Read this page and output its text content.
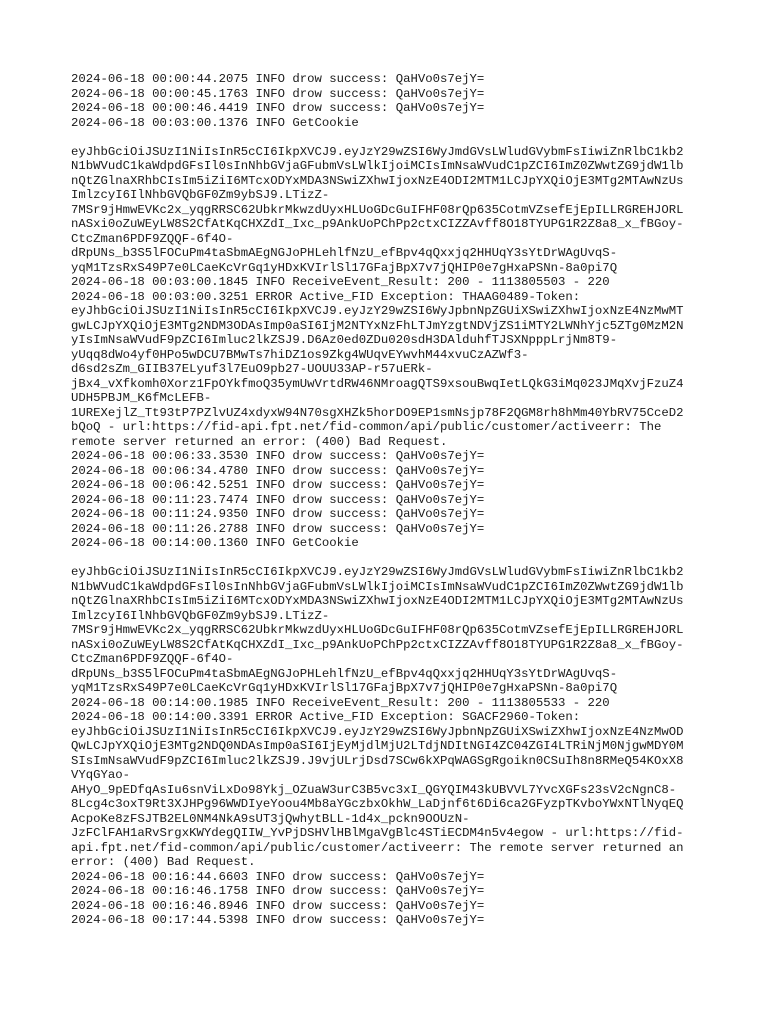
2024-06-18 00:00:44.2075 INFO drow success: QaHVo0s7ejY=
2024-06-18 00:00:45.1763 INFO drow success: QaHVo0s7ejY=
2024-06-18 00:00:46.4419 INFO drow success: QaHVo0s7ejY=
2024-06-18 00:03:00.1376 INFO GetCookie
eyJhbGciOiJSUzI1NiIsInR5cCI6IkpXVCJ9.eyJzY29wZSI6WyJmdGVsLWludGVybmFsIiwiZnRlbC1kb2
N1bWVudC1kaWdpdGFsIl0sInNhbGVjaGFubmVsLWlkIjoiMCIsImNsaWVudC1pZCI6ImZ0ZWwtZG9jdW1lb
nQtZGlnaXRhbCIsIm5iZiI6MTcxODYxMDA3NSwiZXhwIjoxNzE4ODI2MTM1LCJpYXQiOjE3MTg2MTAwNzUs
ImlzcyI6IlNhbGVQbGF0Zm9ybSJ9.LTizZ-
7MSr9jHmwEVKc2x_yqgRRSC62UbkrMkwzdUyxHLUoGDcGuIFHF08rQp635CotmVZsefEjEpILLRGREHJORL
nASxi0oZuWEyLW8S2CfAtKqCHXZdI_Ixc_p9AnkUoPChPp2ctxCIZZAvff8O18TYUPG1R2Z8a8_x_fBGoy-
CtcZman6PDF9ZQQF-6f4O-
dRpUNs_b3S5lFOCuPm4taSbmAEgNGJoPHLehlfNzU_efBpv4qQxxjq2HHUqY3sYtDrWAgUvqS-
yqM1TzsRxS49P7e0LCaeKcVrGq1yHDxKVIrlSl17GFajBpX7v7jQHIP0e7gHxaPSNn-8a0pi7Q
2024-06-18 00:03:00.1845 INFO ReceiveEvent_Result: 200 - 1113805503 - 220
2024-06-18 00:03:00.3251 ERROR Active_FID Exception: THAAG0489-Token:
eyJhbGciOiJSUzI1NiIsInR5cCI6IkpXVCJ9.eyJzY29wZSI6WyJpbnNpZGUiXSwiZXhwIjoxNzE4NzMwMT
gwLCJpYXQiOjE3MTg2NDM3ODAsImp0aSI6IjM2NTYxNzFhLTJmYzgtNDVjZS1iMTY2LWNhYjc5ZTg0MzM2N
yIsImNsaWVudF9pZCI6Imluc2lkZSJ9.D6Az0ed0ZDu020sdH3DAlduhfTJSXNpppLrjNm8T9-
yUqq8dWo4yf0HPo5wDCU7BMwTs7hiDZ1os9Zkg4WUqvEYwvhM44xvuCzAZWf3-
d6sd2sZm_GIIB37ELyuf3l7EuO9pb27-UOUU33AP-r57uERk-
jBx4_vXfkomh0Xorz1FpOYkfmoQ35ymUwVrtdRW46NMroagQTS9xsouBwqIetLQkG3iMq023JMqXvjFzuZ4
UDH5PBJM_K6fMcLEFB-
1UREXejlZ_Tt93tP7PZlvUZ4xdyxW94N70sgXHZk5horDO9EP1smNsjp78F2QGM8rh8hMm40YbRV75CceD2
bQoQ - url:https://fid-api.fpt.net/fid-common/api/public/customer/activeerr: The
remote server returned an error: (400) Bad Request.
2024-06-18 00:06:33.3530 INFO drow success: QaHVo0s7ejY=
2024-06-18 00:06:34.4780 INFO drow success: QaHVo0s7ejY=
2024-06-18 00:06:42.5251 INFO drow success: QaHVo0s7ejY=
2024-06-18 00:11:23.7474 INFO drow success: QaHVo0s7ejY=
2024-06-18 00:11:24.9350 INFO drow success: QaHVo0s7ejY=
2024-06-18 00:11:26.2788 INFO drow success: QaHVo0s7ejY=
2024-06-18 00:14:00.1360 INFO GetCookie
eyJhbGciOiJSUzI1NiIsInR5cCI6IkpXVCJ9.eyJzY29wZSI6WyJmdGVsLWludGVybmFsIiwiZnRlbC1kb2
N1bWVudC1kaWdpdGFsIl0sInNhbGVjaGFubmVsLWlkIjoiMCIsImNsaWVudC1pZCI6ImZ0ZWwtZG9jdW1lb
nQtZGlnaXRhbCIsIm5iZiI6MTcxODYxMDA3NSwiZXhwIjoxNzE4ODI2MTM1LCJpYXQiOjE3MTg2MTAwNzUs
ImlzcyI6IlNhbGVQbGF0Zm9ybSJ9.LTizZ-
7MSr9jHmwEVKc2x_yqgRRSC62UbkrMkwzdUyxHLUoGDcGuIFHF08rQp635CotmVZsefEjEpILLRGREHJORL
nASxi0oZuWEyLW8S2CfAtKqCHXZdI_Ixc_p9AnkUoPChPp2ctxCIZZAvff8O18TYUPG1R2Z8a8_x_fBGoy-
CtcZman6PDF9ZQQF-6f4O-
dRpUNs_b3S5lFOCuPm4taSbmAEgNGJoPHLehlfNzU_efBpv4qQxxjq2HHUqY3sYtDrWAgUvqS-
yqM1TzsRxS49P7e0LCaeKcVrGq1yHDxKVIrlSl17GFajBpX7v7jQHIP0e7gHxaPSNn-8a0pi7Q
2024-06-18 00:14:00.1985 INFO ReceiveEvent_Result: 200 - 1113805533 - 220
2024-06-18 00:14:00.3391 ERROR Active_FID Exception: SGACF2960-Token:
eyJhbGciOiJSUzI1NiIsInR5cCI6IkpXVCJ9.eyJzY29wZSI6WyJpbnNpZGUiXSwiZXhwIjoxNzE4NzMwOD
QwLCJpYXQiOjE3MTg2NDQ0NDAsImp0aSI6IjEyMjdlMjU2LTdjNDItNGI4ZC04ZGI4LTRiNjM0NjgwMDY0M
SIsImNsaWVudF9pZCI6Imluc2lkZSJ9.J9vjULrjDsd7SCw6kXPqWAGSgRgoikn0CSuIh8n8RMeQ54KOxX8
VYqGYao-
AHyO_9pEDfqAsIu6snViLxDo98Ykj_OZuaW3urC3B5vc3xI_QGYQIM43kUBVVL7YvcXGFs23sV2cNgnC8-
8Lcg4c3oxT9Rt3XJHPg96WWDIyeYoou4Mb8aYGczbxOkhW_LaDjnf6t6Di6ca2GFyzpTKvboYWxNTlNyqEQ
AcpoKe8zFSJTB2EL0NM4NkA9sUT3jQwhytBLL-1d4x_pckn9OOUzN-
JzFClFAH1aRvSrgxKWYdegQIIW_YvPjDSHVlHBlMgaVgBlc4STiECDM4n5v4egow - url:https://fid-
api.fpt.net/fid-common/api/public/customer/activeerr: The remote server returned an
error: (400) Bad Request.
2024-06-18 00:16:44.6603 INFO drow success: QaHVo0s7ejY=
2024-06-18 00:16:46.1758 INFO drow success: QaHVo0s7ejY=
2024-06-18 00:16:46.8946 INFO drow success: QaHVo0s7ejY=
2024-06-18 00:17:44.5398 INFO drow success: QaHVo0s7ejY=
